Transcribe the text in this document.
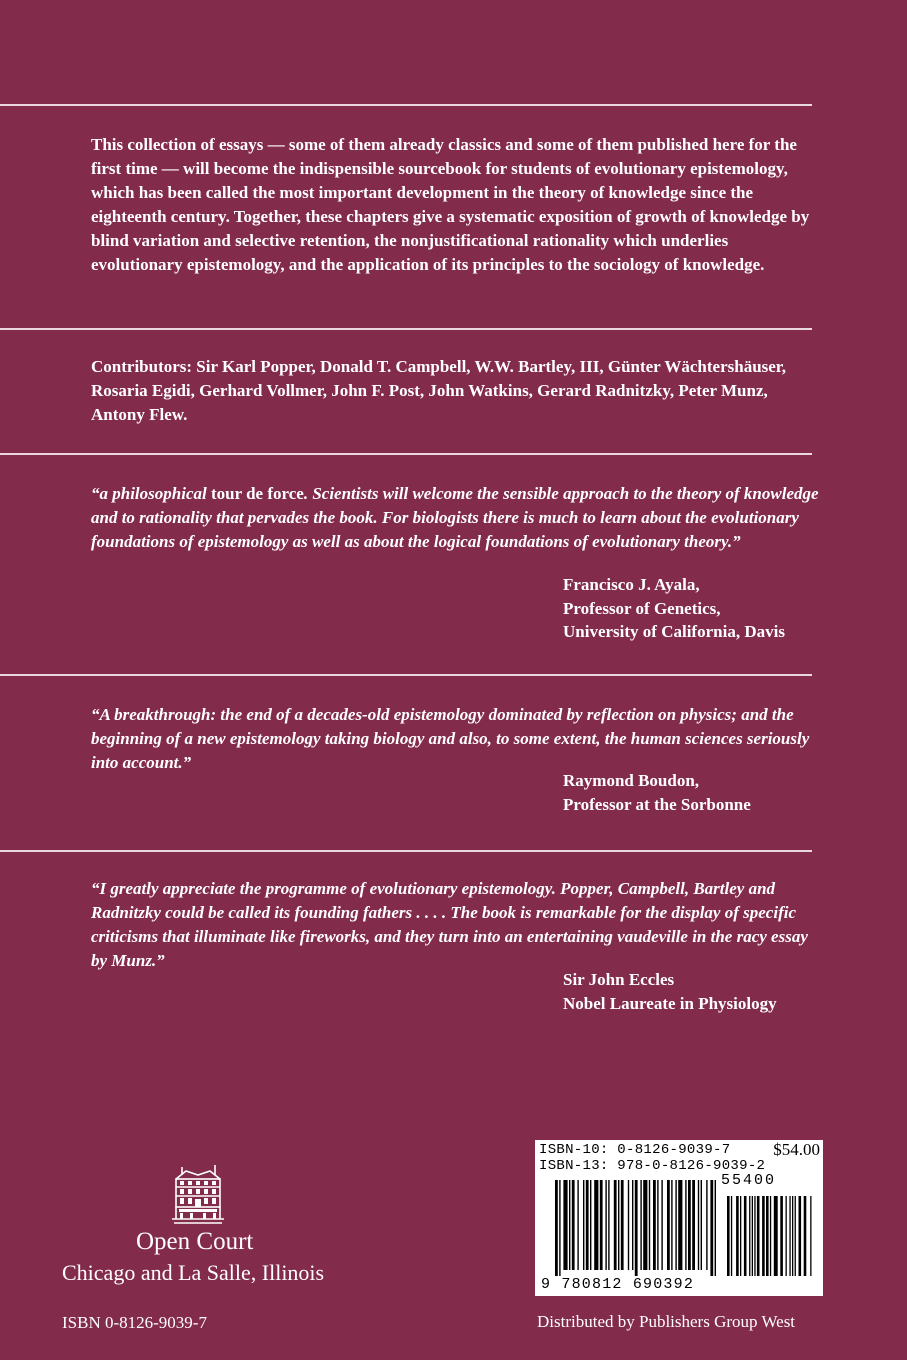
This collection of essays — some of them already classics and some of them published here for the first time — will become the indispensible sourcebook for students of evolutionary epistemology, which has been called the most important development in the theory of knowledge since the eighteenth century. Together, these chapters give a systematic exposition of growth of knowledge by blind variation and selective retention, the nonjustificational rationality which underlies evolutionary epistemology, and the application of its principles to the sociology of knowledge.

Contributors: Sir Karl Popper, Donald T. Campbell, W.W. Bartley, III, Günter Wächtershäuser, Rosaria Egidi, Gerhard Vollmer, John F. Post, John Watkins, Gerard Radnitzky, Peter Munz, Antony Flew.

“a philosophical tour de force. Scientists will welcome the sensible approach to the theory of knowledge and to rationality that pervades the book. For biologists there is much to learn about the evolutionary foundations of epistemology as well as about the logical foundations of evolutionary theory.”

Francisco J. Ayala,
Professor of Genetics,
University of California, Davis

“A breakthrough: the end of a decades-old epistemology dominated by reflection on physics; and the beginning of a new epistemology taking biology and also, to some extent, the human sciences seriously into account.”

Raymond Boudon,
Professor at the Sorbonne

“I greatly appreciate the programme of evolutionary epistemology. Popper, Campbell, Bartley and Radnitzky could be called its founding fathers . . . . The book is remarkable for the display of specific criticisms that illuminate like fireworks, and they turn into an entertaining vaudeville in the racy essay by Munz.”

Sir John Eccles
Nobel Laureate in Physiology
Open Court
Chicago and La Salle, Illinois
ISBN 0-8126-9039-7
ISBN-10: 0-8126-9039-7	$54.00
ISBN-13: 978-0-8126-9039-2
55400
9 780812 690392
Distributed by Publishers Group West
